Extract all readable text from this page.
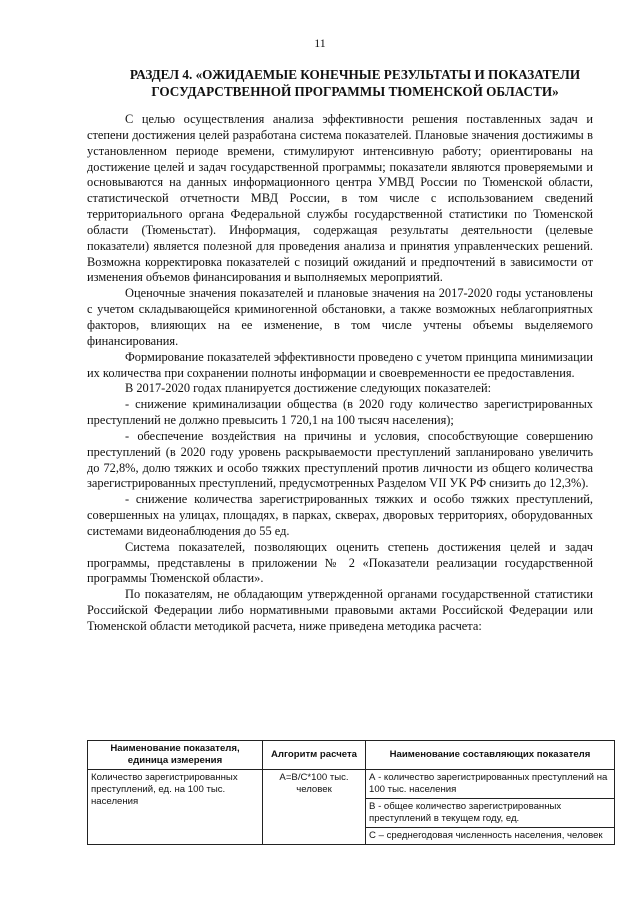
11
РАЗДЕЛ 4. «ОЖИДАЕМЫЕ КОНЕЧНЫЕ РЕЗУЛЬТАТЫ И ПОКАЗАТЕЛИ ГОСУДАРСТВЕННОЙ ПРОГРАММЫ ТЮМЕНСКОЙ ОБЛАСТИ»

С целью осуществления анализа эффективности решения поставленных задач и степени достижения целей разработана система показателей. Плановые значения достижимы в установленном периоде времени, стимулируют интенсивную работу; ориентированы на достижение целей и задач государственной программы; показатели являются проверяемыми и основываются на данных информационного центра УМВД России по Тюменской области, статистической отчетности МВД России, в том числе с использованием сведений территориального органа Федеральной службы государственной статистики по Тюменской области (Тюменьстат). Информация, содержащая результаты деятельности (целевые показатели) является полезной для проведения анализа и принятия управленческих решений. Возможна корректировка показателей с позиций ожиданий и предпочтений в зависимости от изменения объемов финансирования и выполняемых мероприятий.

Оценочные значения показателей и плановые значения на 2017-2020 годы установлены с учетом складывающейся криминогенной обстановки, а также возможных неблагоприятных факторов, влияющих на ее изменение, в том числе учтены объемы выделяемого финансирования.

Формирование показателей эффективности проведено с учетом принципа минимизации их количества при сохранении полноты информации и своевременности ее предоставления.

В 2017-2020 годах планируется достижение следующих показателей:

- снижение криминализации общества (в 2020 году количество зарегистрированных преступлений не должно превысить 1 720,1 на 100 тысяч населения);

- обеспечение воздействия на причины и условия, способствующие совершению преступлений (в 2020 году уровень раскрываемости преступлений запланировано увеличить до 72,8%, долю тяжких и особо тяжких преступлений против личности из общего количества зарегистрированных преступлений, предусмотренных Разделом VII УК РФ снизить до 12,3%).

- снижение количества зарегистрированных тяжких и особо тяжких преступлений, совершенных на улицах, площадях, в парках, скверах, дворовых территориях, оборудованных системами видеонаблюдения до 55 ед.

Система показателей, позволяющих оценить степень достижения целей и задач программы, представлены в приложении № 2 «Показатели реализации государственной программы Тюменской области».

По показателям, не обладающим утвержденной органами государственной статистики Российской Федерации либо нормативными правовыми актами Российской Федерации или Тюменской области методикой расчета, ниже приведена методика расчета:

Наименование показателя, единица измерения	Алгоритм расчета	Наименование составляющих показателя
Количество зарегистрированных преступлений, ед. на 100 тыс. населения	А=В/С*100 тыс. человек	А - количество зарегистрированных преступлений на 100 тыс. населения
В - общее количество зарегистрированных преступлений в текущем году, ед.
С – среднегодовая численность населения, человек
